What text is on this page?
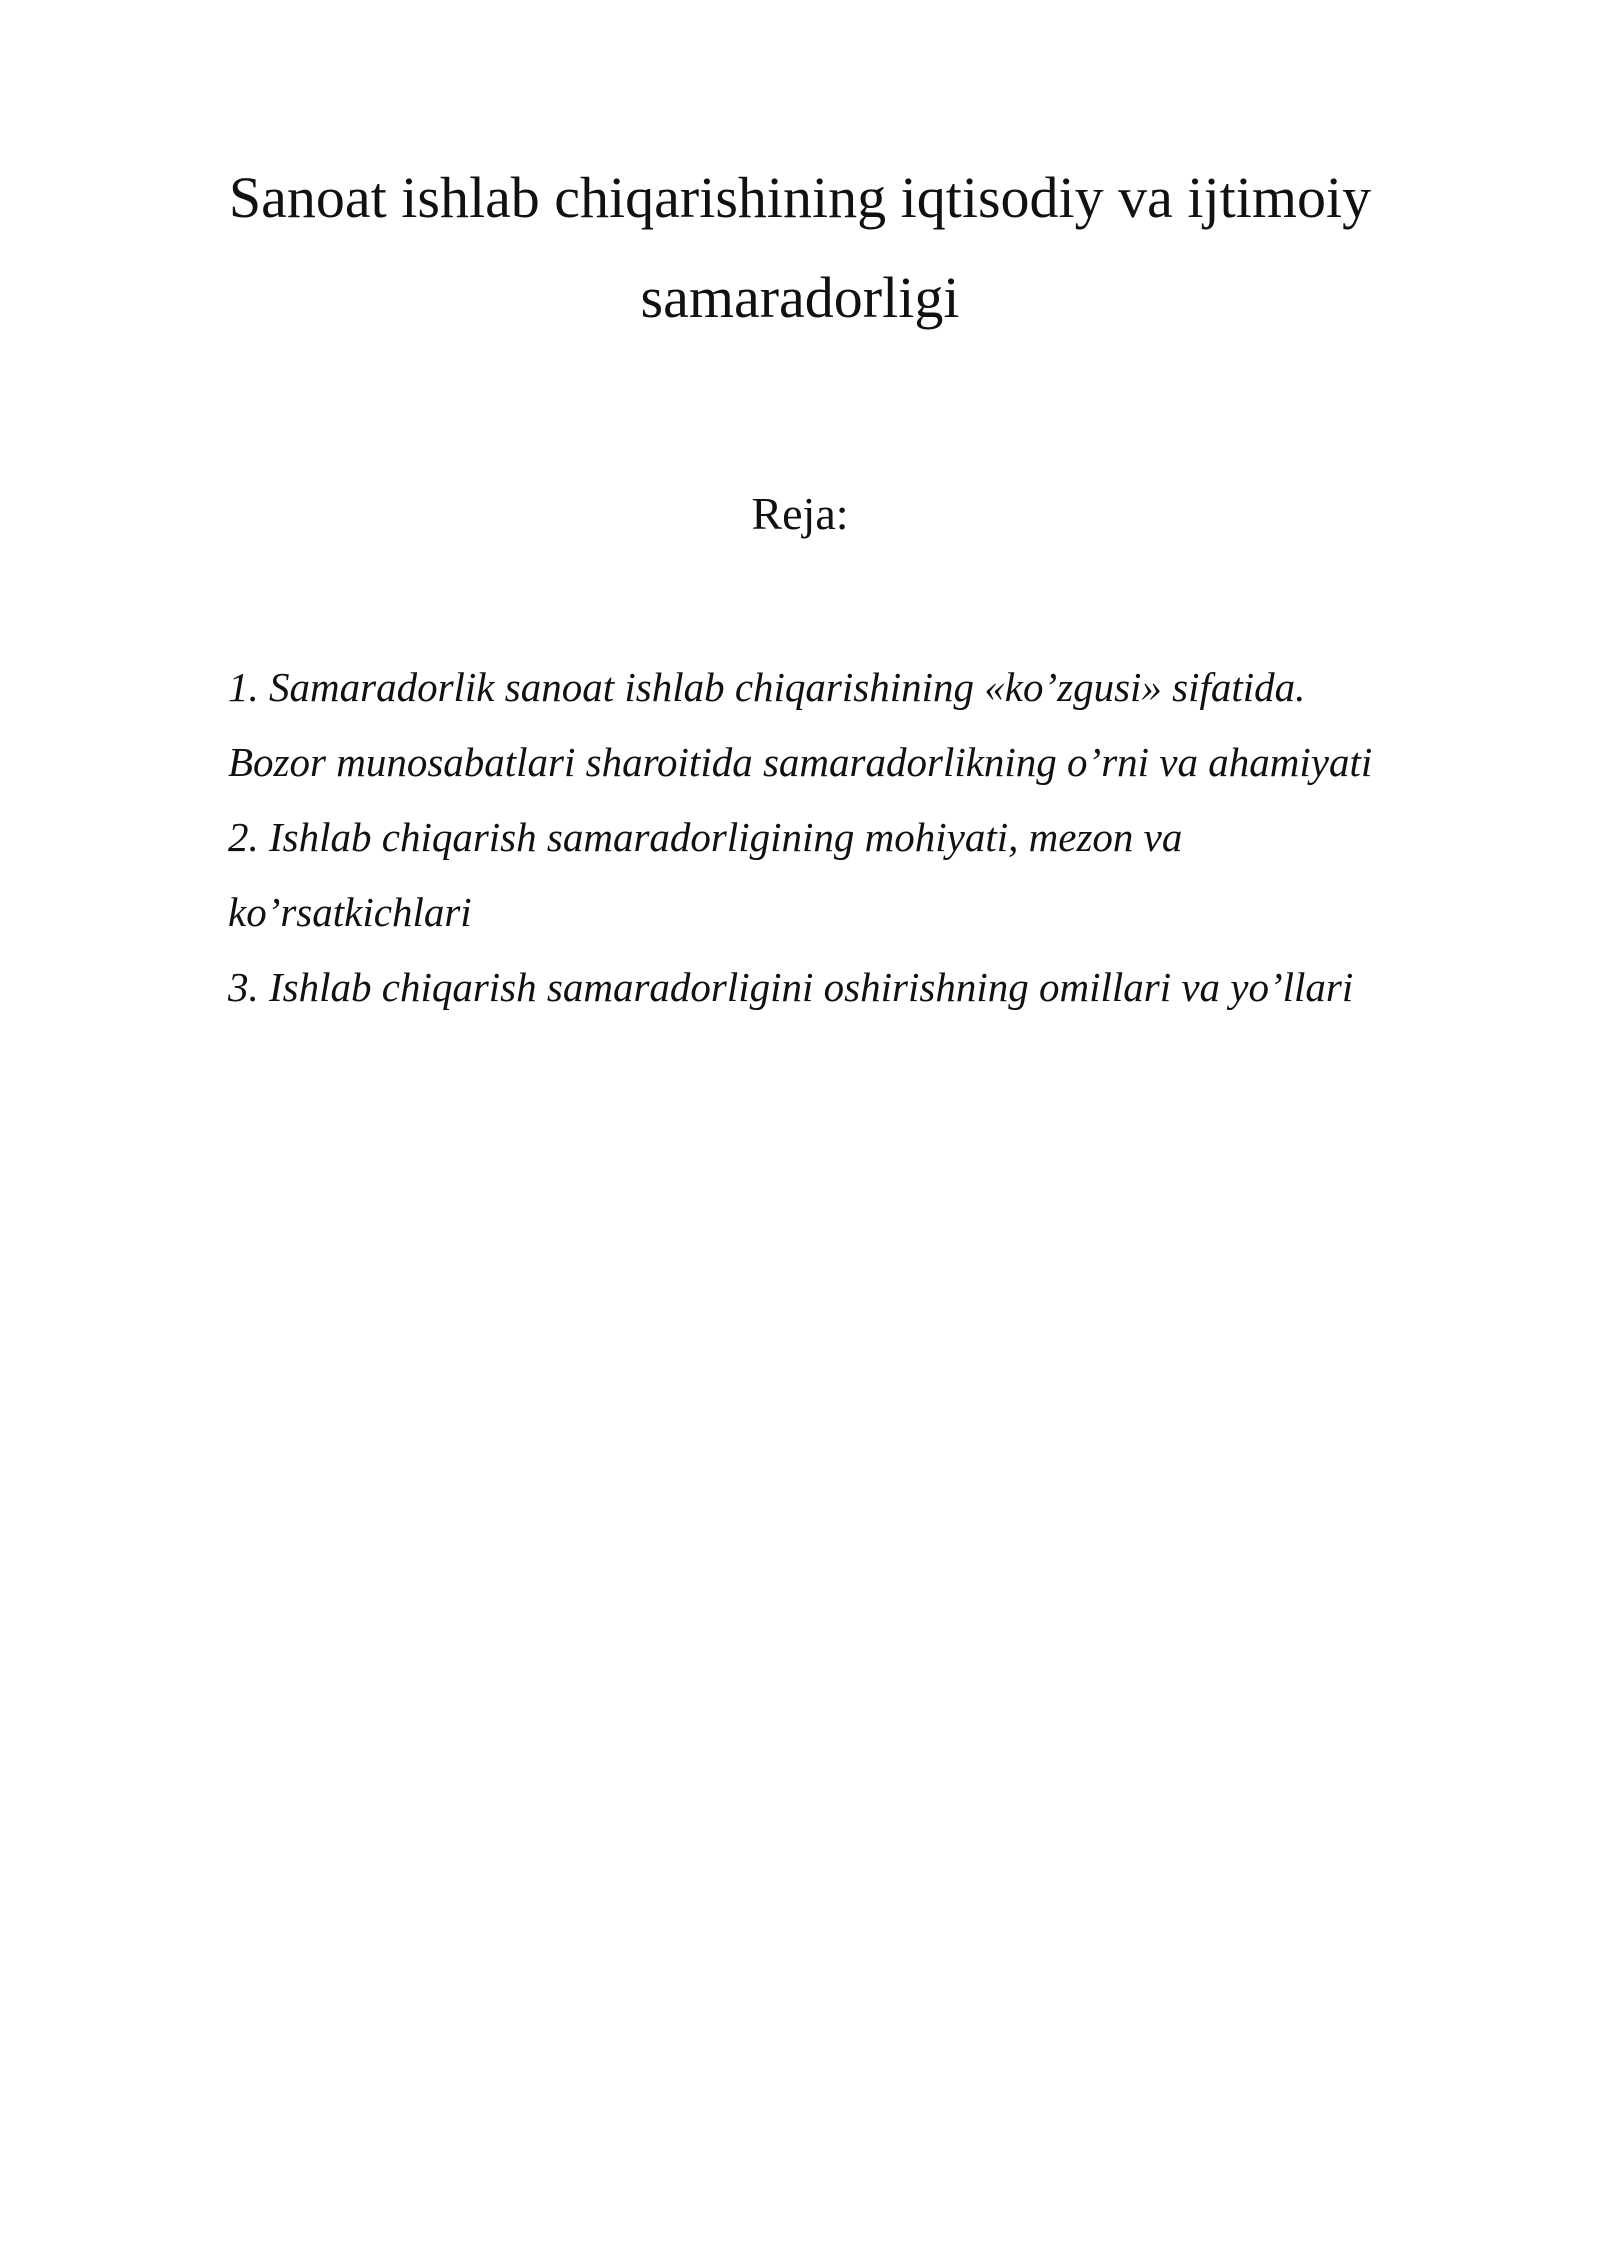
Sanoat ishlab chiqarishining iqtisodiy va ijtimoiy
samaradorligi
Reja:
1. Samaradorlik sanoat ishlab chiqarishining «ko’zgusi» sifatida.
Bozor munosabatlari sharoitida samaradorlikning o’rni va ahamiyati
2. Ishlab chiqarish samaradorligining mohiyati, mezon va
ko’rsatkichlari
3. Ishlab chiqarish samaradorligini oshirishning omillari va yo’llari
